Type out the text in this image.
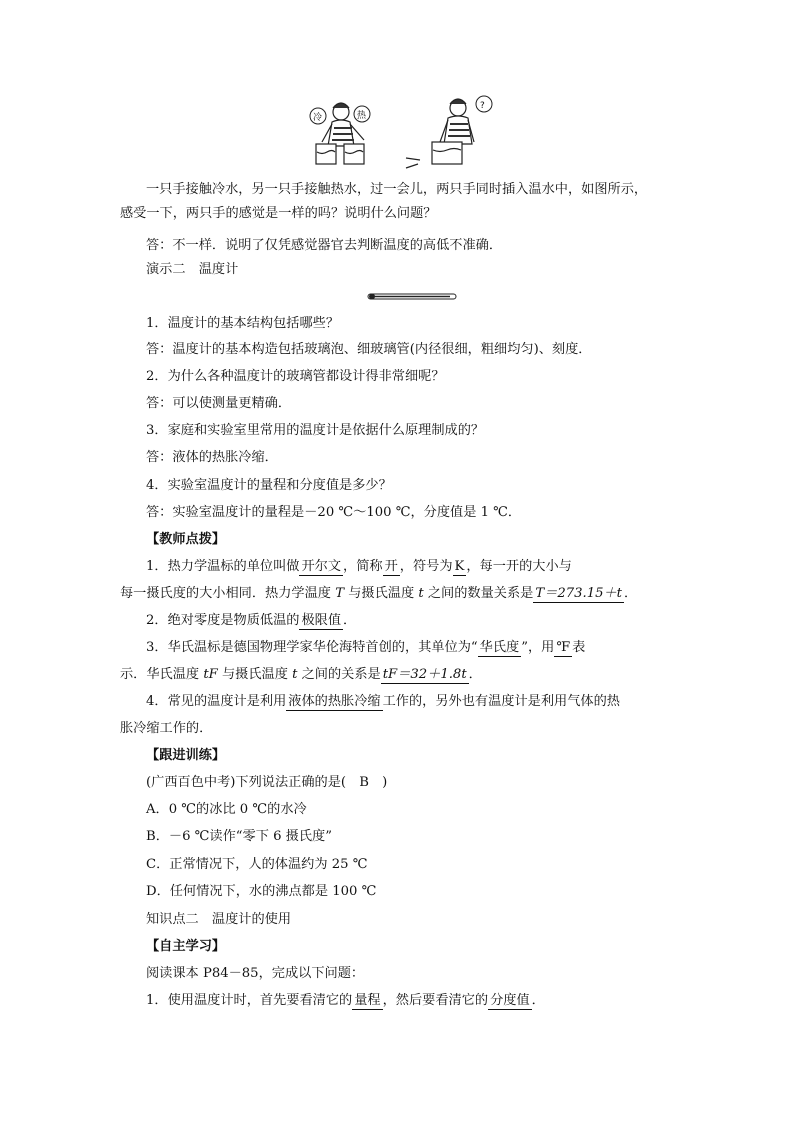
冷	热
?
一只手接触冷水，另一只手接触热水，过一会儿，两只手同时插入温水中，如图所示，
感受一下，两只手的感觉是一样的吗？说明什么问题？
答：不一样．说明了仅凭感觉器官去判断温度的高低不准确．
演示二　温度计
1．温度计的基本结构包括哪些？
答：温度计的基本构造包括玻璃泡、细玻璃管(内径很细，粗细均匀)、刻度．
2．为什么各种温度计的玻璃管都设计得非常细呢？
答：可以使测量更精确．
3．家庭和实验室里常用的温度计是依据什么原理制成的？
答：液体的热胀冷缩．
4．实验室温度计的量程和分度值是多少？
答：实验室温度计的量程是－20 ℃～100 ℃，分度值是 1 ℃．
【教师点拨】
1．热力学温标的单位叫做 开尔文 ，简称 开 ，符号为 K ，每一开的大小与
每一摄氏度的大小相同．热力学温度 T 与摄氏温度 t 之间的数量关系是 T＝273.15＋t ．
2．绝对零度是物质低温的 极限值 ．
3．华氏温标是德国物理学家华伦海特首创的，其单位为“ 华氏度 ”，用 ℉ 表
示．华氏温度 tF 与摄氏温度 t 之间的关系是 tF＝32＋1.8t ．
4．常见的温度计是利用 液体的热胀冷缩 工作的，另外也有温度计是利用气体的热
胀冷缩工作的．
【跟进训练】
(广西百色中考)下列说法正确的是(　B　)
A．0 ℃的冰比 0 ℃的水冷
B．－6 ℃读作“零下 6 摄氏度”
C．正常情况下，人的体温约为 25 ℃
D．任何情况下，水的沸点都是 100 ℃
知识点二　温度计的使用
【自主学习】
阅读课本 P84－85，完成以下问题：
1．使用温度计时，首先要看清它的 量程 ，然后要看清它的 分度值 ．
